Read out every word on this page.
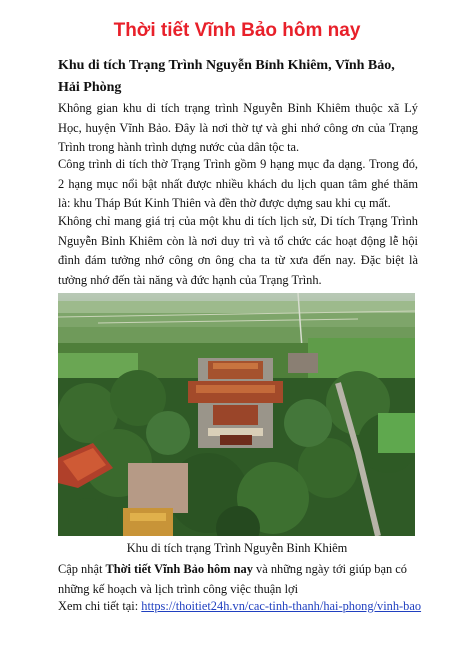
Thời tiết Vĩnh Bảo hôm nay
Khu di tích Trạng Trình Nguyễn Bỉnh Khiêm, Vĩnh Bảo, Hải Phòng
Không gian khu di tích trạng trình Nguyễn Bỉnh Khiêm thuộc xã Lý Học, huyện Vĩnh Bảo. Đây là nơi thờ tự và ghi nhớ công ơn của Trạng Trình trong hành trình dựng nước của dân tộc ta.
Công trình di tích thờ Trạng Trình gồm 9 hạng mục đa dạng. Trong đó, 2 hạng mục nổi bật nhất được nhiều khách du lịch quan tâm ghé thăm là: khu Tháp Bút Kinh Thiên và đền thờ được dựng sau khi cụ mất.
Không chỉ mang giá trị của một khu di tích lịch sử, Di tích Trạng Trình Nguyễn Bỉnh Khiêm còn là nơi duy trì và tổ chức các hoạt động lễ hội đình đám tưởng nhớ công ơn ông cha ta từ xưa đến nay. Đặc biệt là tưởng nhớ đến tài năng và đức hạnh của Trạng Trình.
Khu di tích trạng Trình Nguyễn Bỉnh Khiêm
Cập nhật Thời tiết Vĩnh Bảo hôm nay và những ngày tới giúp bạn có những kế hoạch và lịch trình công việc thuận lợi
Xem chi tiết tại: https://thoitiet24h.vn/cac-tinh-thanh/hai-phong/vinh-bao
